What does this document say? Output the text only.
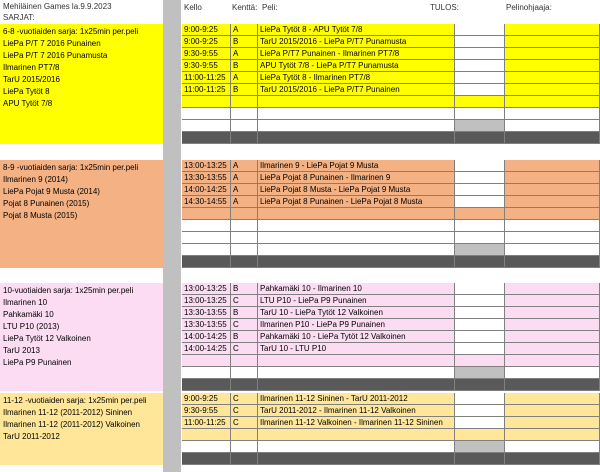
Mehiläinen Games la.9.9.2023
SARJAT:
Kello	Kenttä: Peli:	TULOS:	Pelinohjaaja:
6-8 -vuotiaiden sarja: 1x25min per.peli
LiePa P/T 7 2016 Punainen
LiePa P/T 7 2016 Punamusta
Ilmarinen PT7/8
TarU 2015/2016
LiePa Tytöt 8
APU Tytöt 7/8
9:00-9:25	A	LiePa Tytöt 8 - APU Tytöt 7/8
9:00-9:25	B	TarU 2015/2016 - LiePa P/T7 Punamusta
9:30-9:55	A	LiePa P/T7 Punainen - Ilmarinen PT7/8
9:30-9:55	B	APU Tytöt 7/8 - LiePa P/T7 Punamusta
11:00-11:25 A	LiePa Tytöt 8 - Ilmarinen PT7/8
11:00-11:25 B	TarU 2015/2016 - LiePa P/T7 Punainen
8-9 -vuotiaiden sarja: 1x25min per.peli
Ilmarinen 9 (2014)
LiePa Pojat 9 Musta (2014)
Pojat 8 Punainen (2015)
Pojat 8 Musta (2015)
13:00-13:25 A	Ilmarinen 9 - LiePa Pojat 9 Musta
13:30-13:55 A	LiePa Pojat 8 Punainen - Ilmarinen 9
14:00-14:25 A	LiePa Pojat 8 Musta - LiePa Pojat 9 Musta
14:30-14:55 A	LiePa Pojat 8 Punainen - LiePa Pojat 8 Musta
10-vuotiaiden sarja: 1x25min per.peli
Ilmarinen 10
Pahkamäki 10
LTU P10 (2013)
LiePa Tytöt 12 Valkoinen
TarU 2013
LiePa P9 Punainen
13:00-13:25 B	Pahkamäki 10 - Ilmarinen 10
13:00-13:25 C	LTU P10 - LiePa P9 Punainen
13:30-13:55 B	TarU 10 - LiePa Tytöt 12 Valkoinen
13:30-13:55 C	Ilmarinen P10 - LiePa P9 Punainen
14:00-14:25 B	Pahkamäki 10 - LiePa Tytöt 12 Valkoinen
14:00-14:25 C	TarU 10 - LTU P10
11-12 -vuotiaiden sarja: 1x25min per.peli
Ilmarinen 11-12 (2011-2012) Sininen
Ilmarinen 11-12 (2011-2012) Valkoinen
TarU 2011-2012
9:00-9:25	C	Ilmarinen 11-12 Sininen - TarU 2011-2012
9:30-9:55	C	TarU 2011-2012 - Ilmarinen 11-12 Valkoinen
11:00-11:25 C	Ilmarinen 11-12 Valkoinen - Ilmarinen 11-12 Sininen
